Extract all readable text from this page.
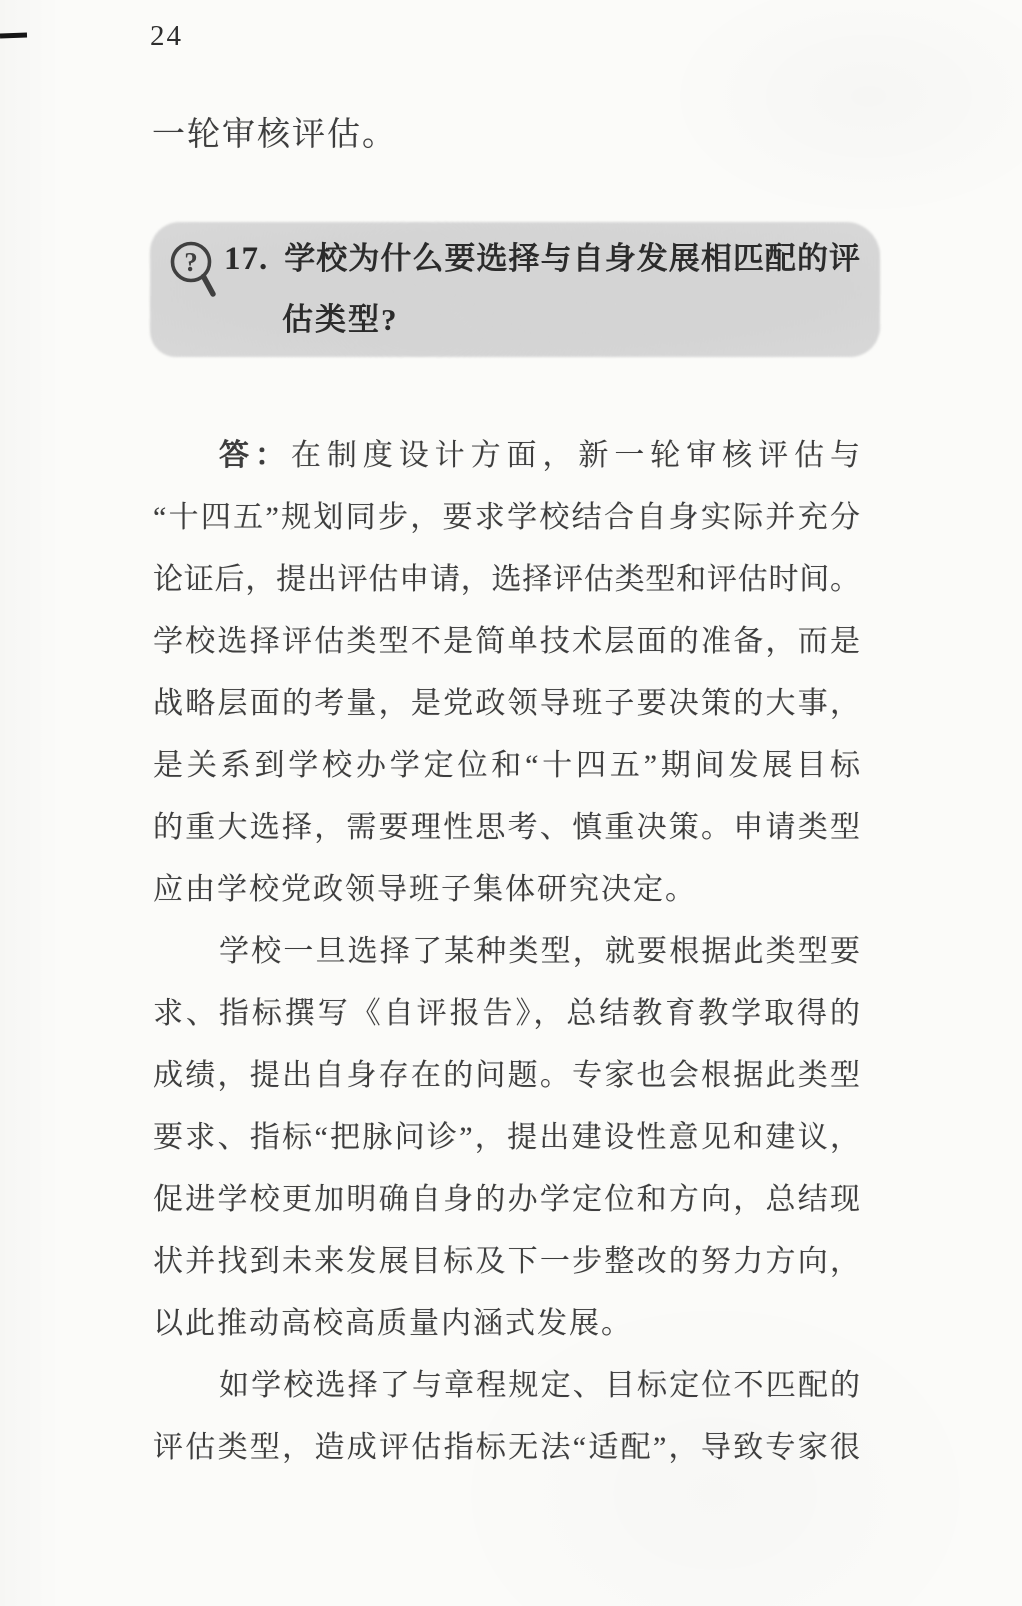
24
一轮审核评估。
? 17. 学校为什么要选择与自身发展相匹配的评
估类型?
答：在制度设计方面，新一轮审核评估与
“十四五”规划同步，要求学校结合自身实际并充分
论证后，提出评估申请，选择评估类型和评估时间。
学校选择评估类型不是简单技术层面的准备，而是
战略层面的考量，是党政领导班子要决策的大事，
是关系到学校办学定位和“十四五”期间发展目标
的重大选择，需要理性思考、慎重决策。申请类型
应由学校党政领导班子集体研究决定。
学校一旦选择了某种类型，就要根据此类型要
求、指标撰写《自评报告》，总结教育教学取得的
成绩，提出自身存在的问题。专家也会根据此类型
要求、指标“把脉问诊”，提出建设性意见和建议，
促进学校更加明确自身的办学定位和方向，总结现
状并找到未来发展目标及下一步整改的努力方向，
以此推动高校高质量内涵式发展。
如学校选择了与章程规定、目标定位不匹配的
评估类型，造成评估指标无法“适配”，导致专家很
